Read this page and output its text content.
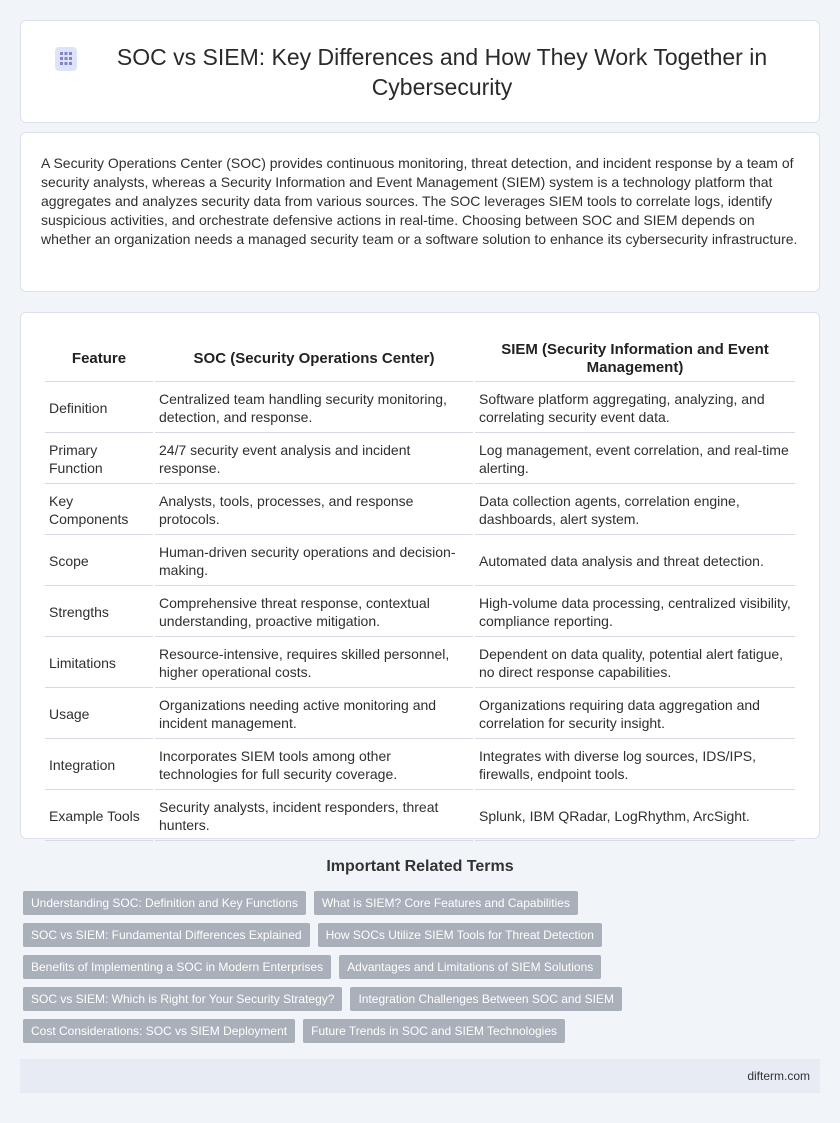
SOC vs SIEM: Key Differences and How They Work Together in Cybersecurity

A Security Operations Center (SOC) provides continuous monitoring, threat detection, and incident response by a team of security analysts, whereas a Security Information and Event Management (SIEM) system is a technology platform that aggregates and analyzes security data from various sources. The SOC leverages SIEM tools to correlate logs, identify suspicious activities, and orchestrate defensive actions in real-time. Choosing between SOC and SIEM depends on whether an organization needs a managed security team or a software solution to enhance its cybersecurity infrastructure.

Feature	SOC (Security Operations Center)	SIEM (Security Information and Event Management)
Definition	Centralized team handling security monitoring, detection, and response.	Software platform aggregating, analyzing, and correlating security event data.
Primary Function	24/7 security event analysis and incident response.	Log management, event correlation, and real-time alerting.
Key Components	Analysts, tools, processes, and response protocols.	Data collection agents, correlation engine, dashboards, alert system.
Scope	Human-driven security operations and decision-making.	Automated data analysis and threat detection.
Strengths	Comprehensive threat response, contextual understanding, proactive mitigation.	High-volume data processing, centralized visibility, compliance reporting.
Limitations	Resource-intensive, requires skilled personnel, higher operational costs.	Dependent on data quality, potential alert fatigue, no direct response capabilities.
Usage	Organizations needing active monitoring and incident management.	Organizations requiring data aggregation and correlation for security insight.
Integration	Incorporates SIEM tools among other technologies for full security coverage.	Integrates with diverse log sources, IDS/IPS, firewalls, endpoint tools.
Example Tools	Security analysts, incident responders, threat hunters.	Splunk, IBM QRadar, LogRhythm, ArcSight.
Important Related Terms
Understanding SOC: Definition and Key Functions	What is SIEM? Core Features and Capabilities
SOC vs SIEM: Fundamental Differences Explained	How SOCs Utilize SIEM Tools for Threat Detection
Benefits of Implementing a SOC in Modern Enterprises	Advantages and Limitations of SIEM Solutions
SOC vs SIEM: Which is Right for Your Security Strategy?	Integration Challenges Between SOC and SIEM
Cost Considerations: SOC vs SIEM Deployment	Future Trends in SOC and SIEM Technologies
difterm.com
